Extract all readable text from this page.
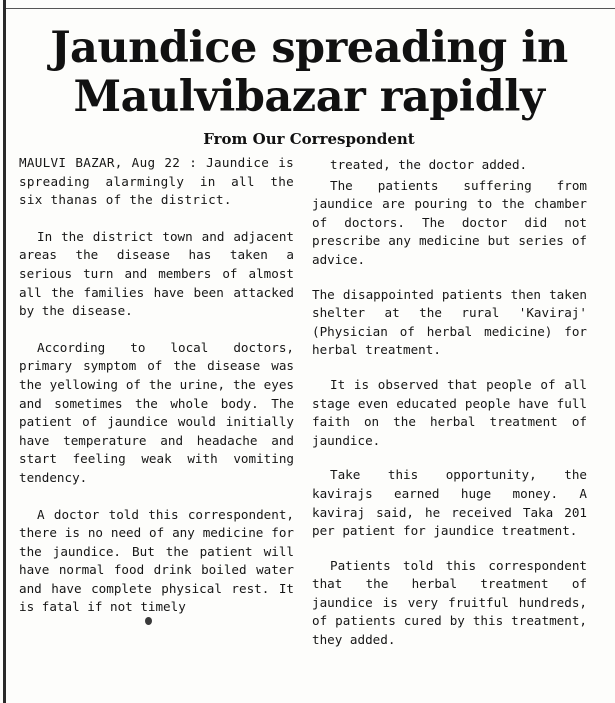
Jaundice spreading in Maulvibazar rapidly
From Our Correspondent

MAULVI BAZAR, Aug 22 : Jaundice is spreading alarmingly in all the six thanas of the district.

In the district town and adjacent areas the disease has taken a serious turn and members of almost all the families have been attacked by the disease.

According to local doctors, primary symptom of the disease was the yellowing of the urine, the eyes and sometimes the whole body. The patient of jaundice would initially have temperature and headache and start feeling weak with vomiting tendency.

A doctor told this correspondent, there is no need of any medicine for the jaundice. But the patient will have normal food drink boiled water and have complete physical rest. It is fatal if not timely

treated, the doctor added.

The patients suffering from jaundice are pouring to the chamber of doctors. The doctor did not prescribe any medicine but series of advice.

The disappointed patients then taken shelter at the rural 'Kaviraj' (Physician of herbal medicine) for herbal treatment.

It is observed that people of all stage even educated people have full faith on the herbal treatment of jaundice.

Take this opportunity, the kavirajs earned huge money. A kaviraj said, he received Taka 201 per patient for jaundice treatment.

Patients told this correspondent that the herbal treatment of jaundice is very fruitful hundreds, of patients cured by this treatment, they added.
